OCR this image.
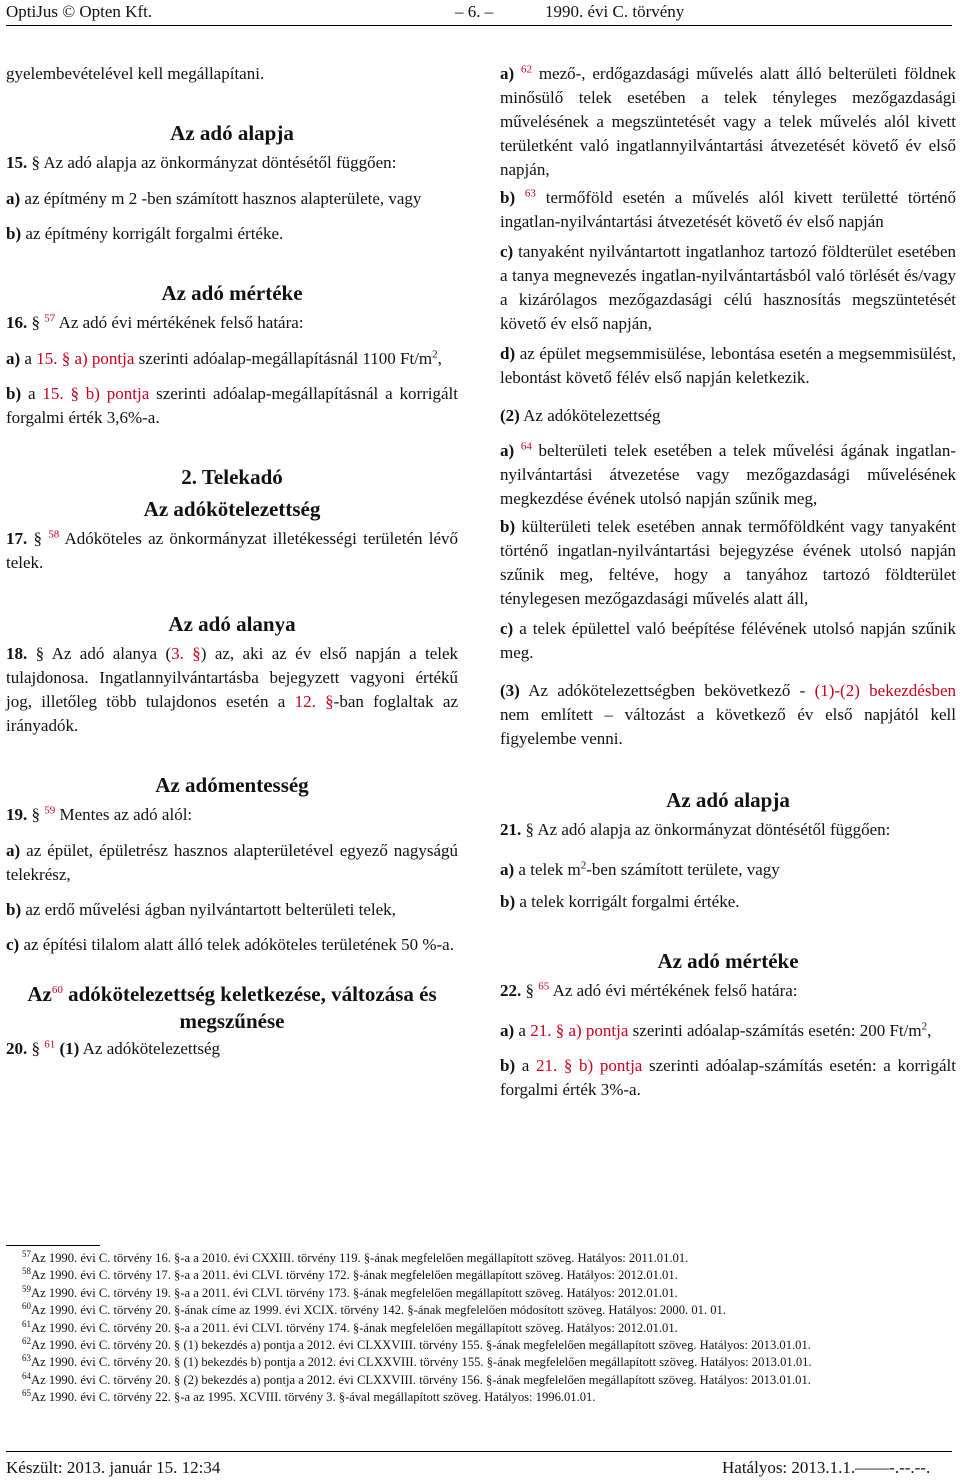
OptiJus © Opten Kft.	– 6. –	1990. évi C. törvény
gyelembevételével kell megállapítani.
Az adó alapja
15. § Az adó alapja az önkormányzat döntésétől függően:
a) az építmény m 2 -ben számított hasznos alapterülete, vagy
b) az építmény korrigált forgalmi értéke.
Az adó mértéke
16. § $^{57}$ Az adó évi mértékének felső határa:
a) a 15. § a) pontja szerinti adóalap-megállapításnál 1100 $Ft/m^2$,
b) a 15. § b) pontja szerinti adóalap-megállapításnál a korrigált forgalmi érték 3,6%-a.
2. Telekadó
Az adókötelezettség
17. § $^{58}$ Adóköteles az önkormányzat illetékességi területén lévő telek.
Az adó alanya
18. § Az adó alanya (3. §) az, aki az év első napján a telek tulajdonosa. Ingatlannyilvántartásba bejegyzett vagyoni értékű jog, illetőleg több tulajdonos esetén a 12. §-ban foglaltak az irányadók.
Az adómentesség
19. § $^{59}$ Mentes az adó alól:
a) az épület, épületrész hasznos alapterületével egyező nagyságú telekrész,
b) az erdő művelési ágban nyilvántartott belterületi telek,
c) az építési tilalom alatt álló telek adóköteles területének 50 %-a.
Az$^{60}$ adókötelezettség keletkezése, változása és megszűnése
20. § $^{61}$ (1) Az adókötelezettség
a) $^{62}$ mező-, erdőgazdasági művelés alatt álló belterületi földnek minősülő telek esetében a telek tényleges mezőgazdasági művelésének a megszüntetését vagy a telek művelés alól kivett területként való ingatlannyilvántartási átvezetését követő év első napján,
b) $^{63}$ termőföld esetén a művelés alól kivett területté történő ingatlan-nyilvántartási átvezetését követő év első napján
c) tanyaként nyilvántartott ingatlanhoz tartozó földterület esetében a tanya megnevezés ingatlan-nyilvántartásból való törlését és/vagy a kizárólagos mezőgazdasági célú hasznosítás megszüntetését követő év első napján,
d) az épület megsemmisülése, lebontása esetén a megsemmisülést, lebontást követő félév első napján keletkezik.
(2) Az adókötelezettség
a) $^{64}$ belterületi telek esetében a telek művelési ágának ingatlan-nyilvántartási átvezetése vagy mezőgazdasági művelésének megkezdése évének utolsó napján szűnik meg,
b) külterületi telek esetében annak termőföldként vagy tanyaként történő ingatlan-nyilvántartási bejegyzése évének utolsó napján szűnik meg, feltéve, hogy a tanyához tartozó földterület ténylegesen mezőgazdasági művelés alatt áll,
c) a telek épülettel való beépítése félévének utolsó napján szűnik meg.
(3) Az adókötelezettségben bekövetkező - (1)-(2) bekezdésben nem említett – változást a következő év első napjától kell figyelembe venni.
Az adó alapja
21. § Az adó alapja az önkormányzat döntésétől függően:
a) a telek $m^2$-ben számított területe, vagy
b) a telek korrigált forgalmi értéke.
Az adó mértéke
22. § $^{65}$ Az adó évi mértékének felső határa:
a) a 21. § a) pontja szerinti adóalap-számítás esetén: 200 $Ft/m^2$,
b) a 21. § b) pontja szerinti adóalap-számítás esetén: a korrigált forgalmi érték 3%-a.
$^{57}$Az 1990. évi C. törvény 16. §-a a 2010. évi CXXIII. törvény 119. §-ának megfelelően megállapított szöveg. Hatályos: 2011.01.01.
$^{58}$Az 1990. évi C. törvény 17. §-a a 2011. évi CLVI. törvény 172. §-ának megfelelően megállapított szöveg. Hatályos: 2012.01.01.
$^{59}$Az 1990. évi C. törvény 19. §-a a 2011. évi CLVI. törvény 173. §-ának megfelelően megállapított szöveg. Hatályos: 2012.01.01.
$^{60}$Az 1990. évi C. törvény 20. §-ának címe az 1999. évi XCIX. törvény 142. §-ának megfelelően módosított szöveg. Hatályos: 2000. 01. 01.
$^{61}$Az 1990. évi C. törvény 20. §-a a 2011. évi CLVI. törvény 174. §-ának megfelelően megállapított szöveg. Hatályos: 2012.01.01.
$^{62}$Az 1990. évi C. törvény 20. § (1) bekezdés a) pontja a 2012. évi CLXXVIII. törvény 155. §-ának megfelelően megállapított szöveg. Hatályos: 2013.01.01.
$^{63}$Az 1990. évi C. törvény 20. § (1) bekezdés b) pontja a 2012. évi CLXXVIII. törvény 155. §-ának megfelelően megállapított szöveg. Hatályos: 2013.01.01.
$^{64}$Az 1990. évi C. törvény 20. § (2) bekezdés a) pontja a 2012. évi CLXXVIII. törvény 156. §-ának megfelelően megállapított szöveg. Hatályos: 2013.01.01.
$^{65}$Az 1990. évi C. törvény 22. §-a az 1995. XCVIII. törvény 3. §-ával megállapított szöveg. Hatályos: 1996.01.01.
Készült: 2013. január 15. 12:34	Hatályos: 2013.1.1.——-.--.--.
